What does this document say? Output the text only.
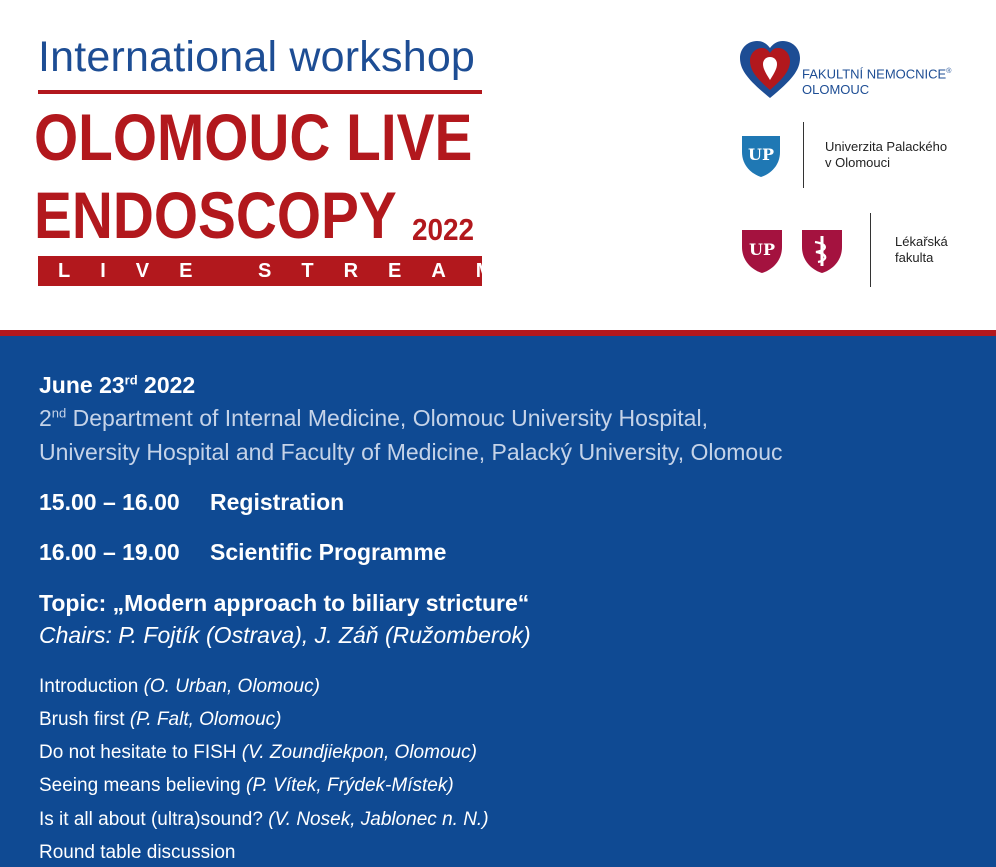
International workshop
OLOMOUC LIVE
ENDOSCOPY 2022
LIVE STREAM
FAKULTNÍ NEMOCNICE®
OLOMOUC
UP	Univerzita Palackého
v Olomouci
UP	Lékařská
fakulta
June 23rd 2022
2nd Department of Internal Medicine, Olomouc University Hospital,
University Hospital and Faculty of Medicine, Palacký University, Olomouc
15.00 – 16.00 Registration
16.00 – 19.00 Scientific Programme
Topic: „Modern approach to biliary stricture“
Chairs: P. Fojtík (Ostrava), J. Záň (Ružomberok)
Introduction (O. Urban, Olomouc)
Brush first (P. Falt, Olomouc)
Do not hesitate to FISH (V. Zoundjiekpon, Olomouc)
Seeing means believing (P. Vítek, Frýdek-Místek)
Is it all about (ultra)sound? (V. Nosek, Jablonec n. N.)
Round table discussion
